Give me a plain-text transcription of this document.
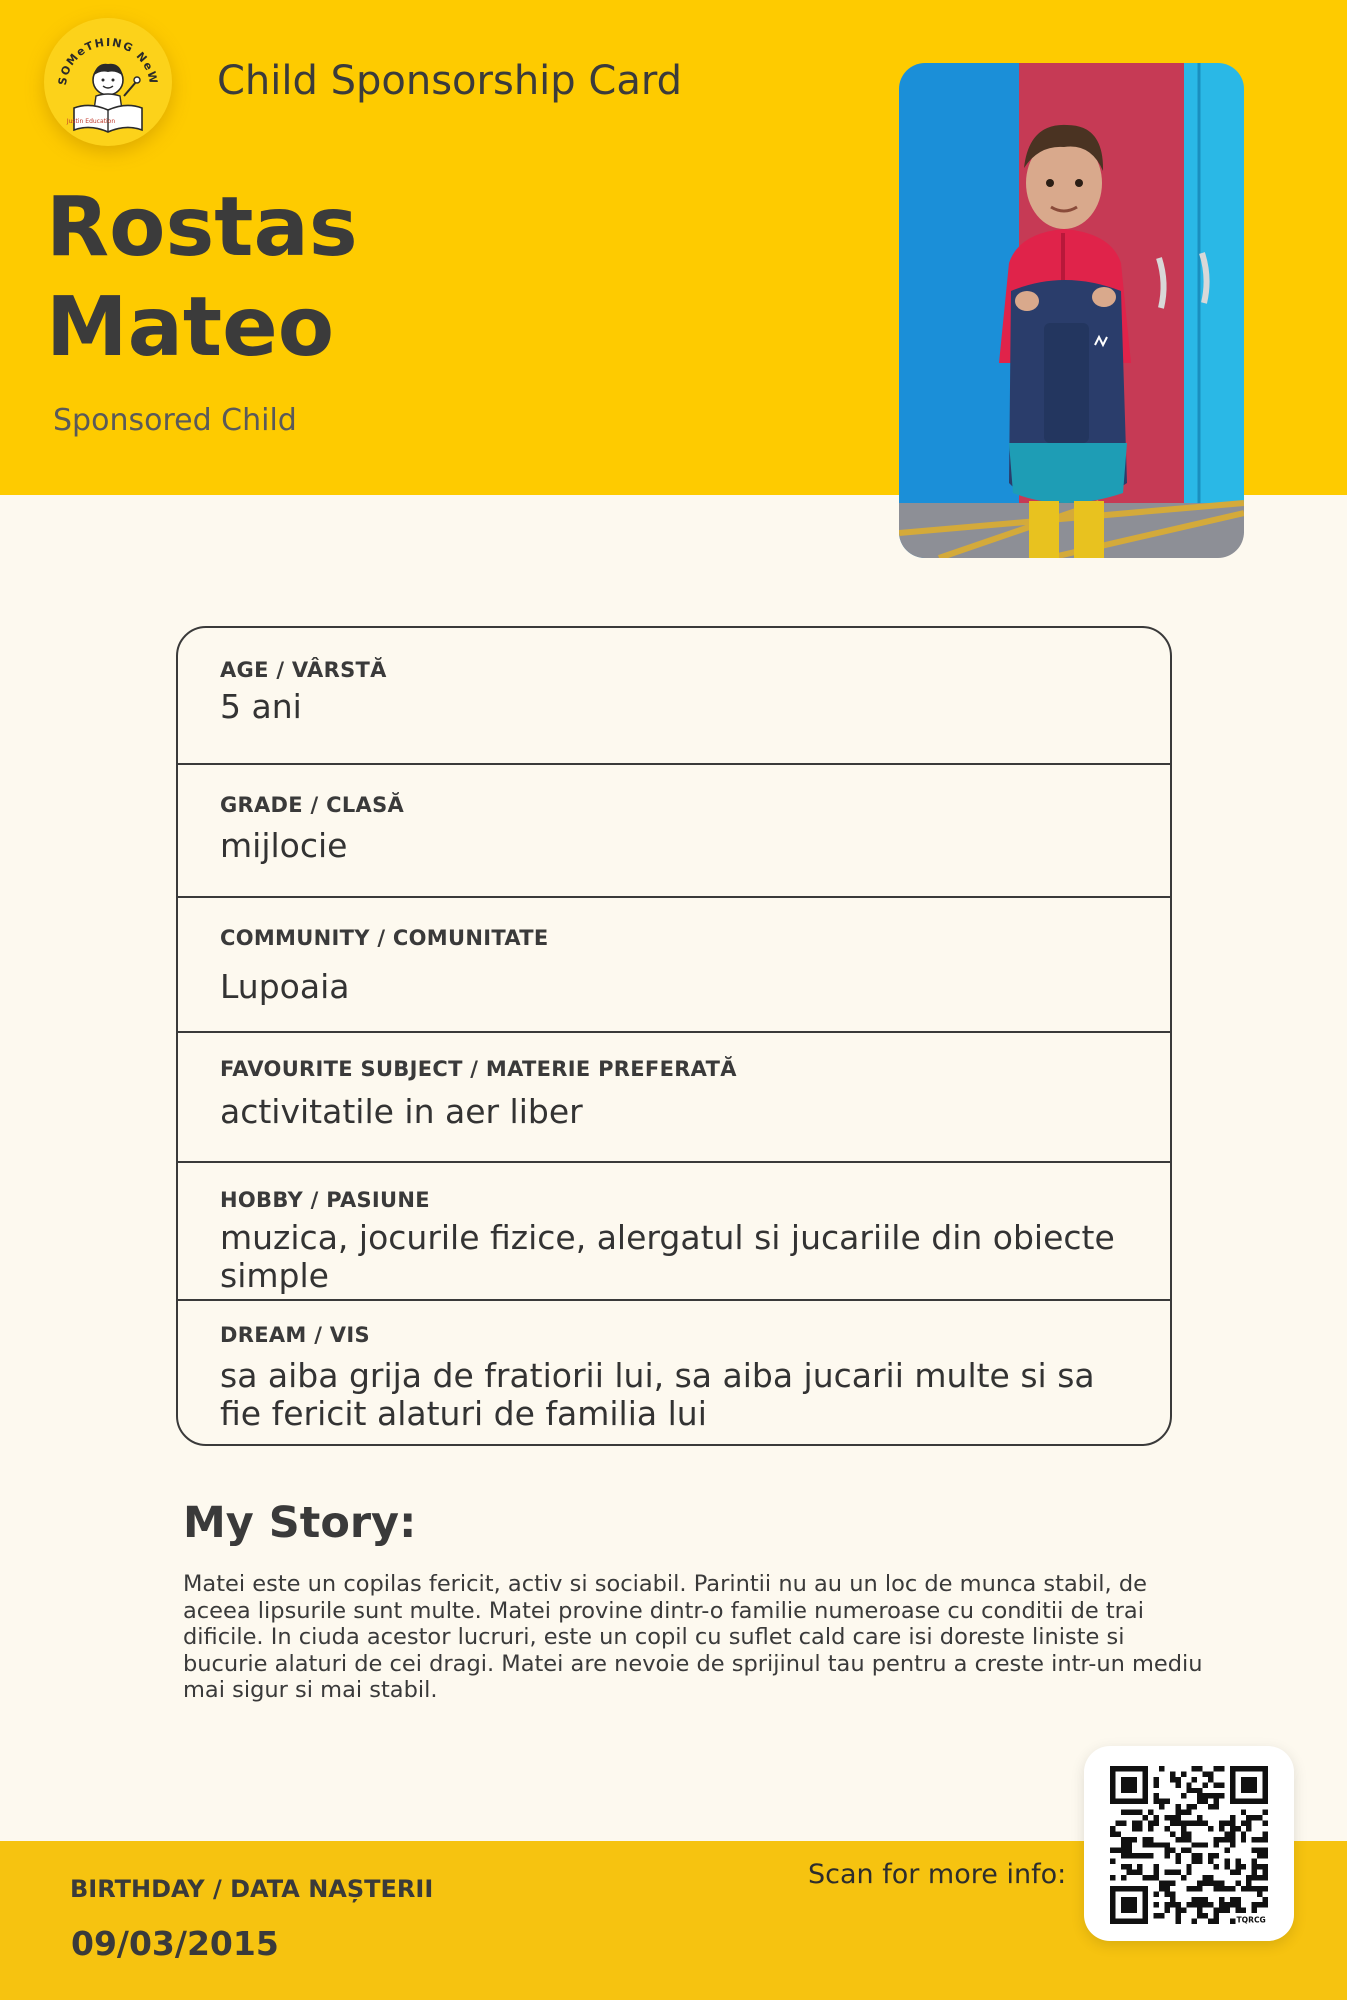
SOMeTHING NeW
Justin Education
Child Sponsorship Card
Rostas
Mateo
Sponsored Child
AGE / VÂRSTĂ
5 ani
GRADE / CLASĂ
mijlocie
COMMUNITY / COMUNITATE
Lupoaia
FAVOURITE SUBJECT / MATERIE PREFERATĂ
activitatile in aer liber
HOBBY / PASIUNE
muzica, jocurile fizice, alergatul si jucariile din obiecte simple
DREAM / VIS
sa aiba grija de fratiorii lui, sa aiba jucarii multe si sa fie fericit alaturi de familia lui
My Story:
Matei este un copilas fericit, activ si sociabil. Parintii nu au un loc de munca stabil, de aceea lipsurile sunt multe. Matei provine dintr-o familie numeroase cu conditii de trai dificile. In ciuda acestor lucruri, este un copil cu suflet cald care isi doreste liniste si bucurie alaturi de cei dragi. Matei are nevoie de sprijinul tau pentru a creste intr-un mediu mai sigur si mai stabil.
BIRTHDAY / DATA NAȘTERII
09/03/2015
Scan for more info:
TQRCG
